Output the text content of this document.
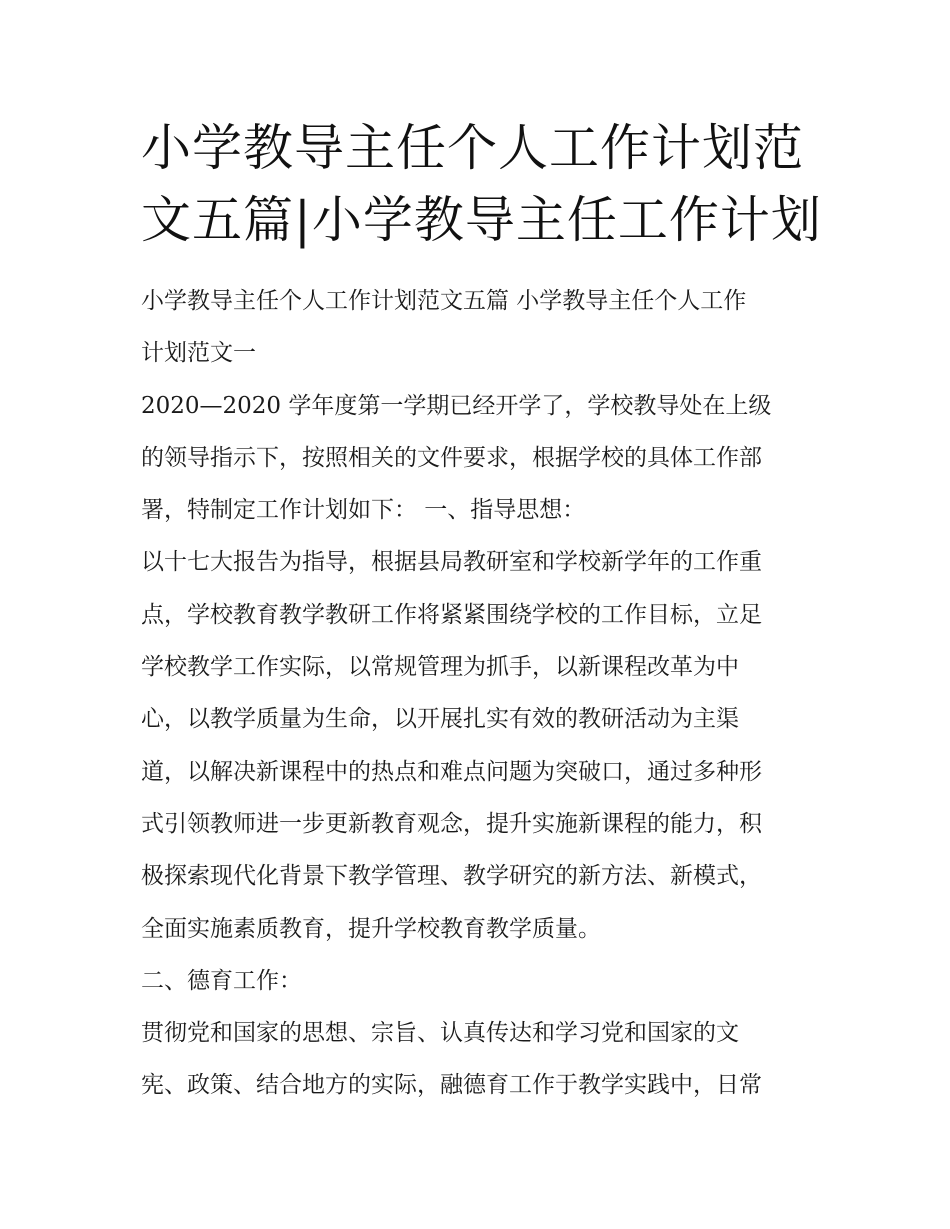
小学教导主任个人工作计划范
文五篇|小学教导主任工作计划
小学教导主任个人工作计划范文五篇 小学教导主任个人工作
计划范文一
2020—2020 学年度第一学期已经开学了，学校教导处在上级
的领导指示下，按照相关的文件要求，根据学校的具体工作部
署，特制定工作计划如下： 一、指导思想：
以十七大报告为指导，根据县局教研室和学校新学年的工作重
点，学校教育教学教研工作将紧紧围绕学校的工作目标，立足
学校教学工作实际，以常规管理为抓手，以新课程改革为中
心，以教学质量为生命，以开展扎实有效的教研活动为主渠
道，以解决新课程中的热点和难点问题为突破口，通过多种形
式引领教师进一步更新教育观念，提升实施新课程的能力，积
极探索现代化背景下教学管理、教学研究的新方法、新模式，
全面实施素质教育，提升学校教育教学质量。
二、德育工作：
贯彻党和国家的思想、宗旨、认真传达和学习党和国家的文
宪、政策、结合地方的实际，融德育工作于教学实践中，日常
